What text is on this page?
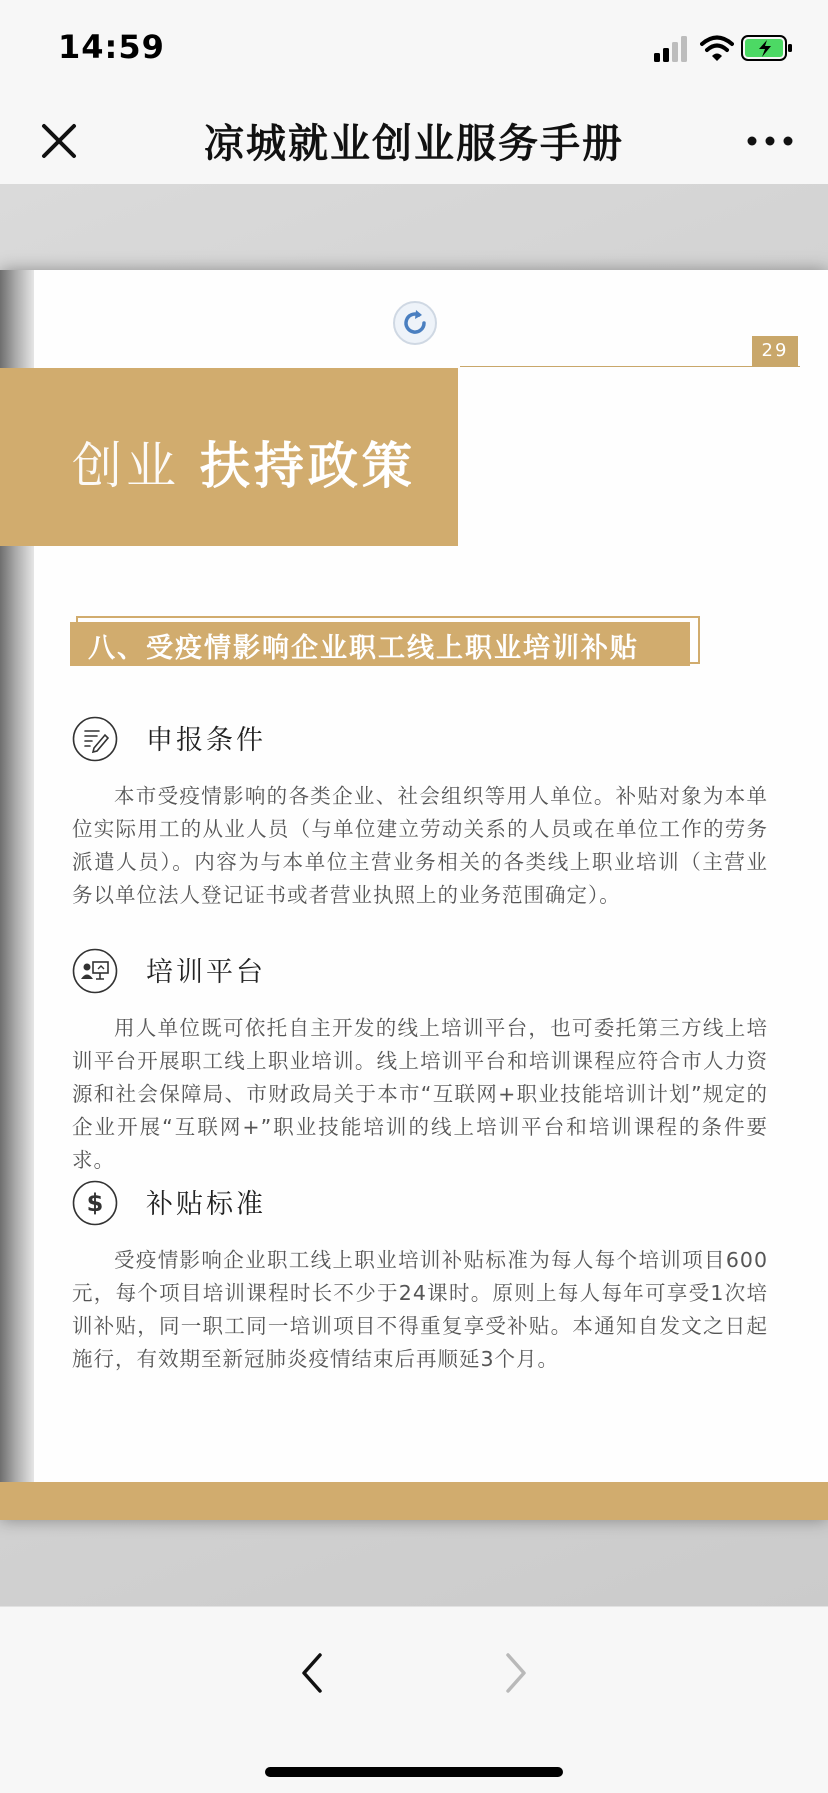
14:59
凉城就业创业服务手册
29
创业 扶持政策
八、受疫情影响企业职工线上职业培训补贴
申报条件
本市受疫情影响的各类企业、社会组织等用人单位。补贴对象为本单位实际用工的从业人员（与单位建立劳动关系的人员或在单位工作的劳务派遣人员）。内容为与本单位主营业务相关的各类线上职业培训（主营业务以单位法人登记证书或者营业执照上的业务范围确定）。
培训平台
用人单位既可依托自主开发的线上培训平台，也可委托第三方线上培训平台开展职工线上职业培训。线上培训平台和培训课程应符合市人力资源和社会保障局、市财政局关于本市“互联网+职业技能培训计划”规定的企业开展“互联网+”职业技能培训的线上培训平台和培训课程的条件要求。
$ 补贴标准
受疫情影响企业职工线上职业培训补贴标准为每人每个培训项目600元，每个项目培训课程时长不少于24课时。原则上每人每年可享受1次培训补贴，同一职工同一培训项目不得重复享受补贴。本通知自发文之日起施行，有效期至新冠肺炎疫情结束后再顺延3个月。
